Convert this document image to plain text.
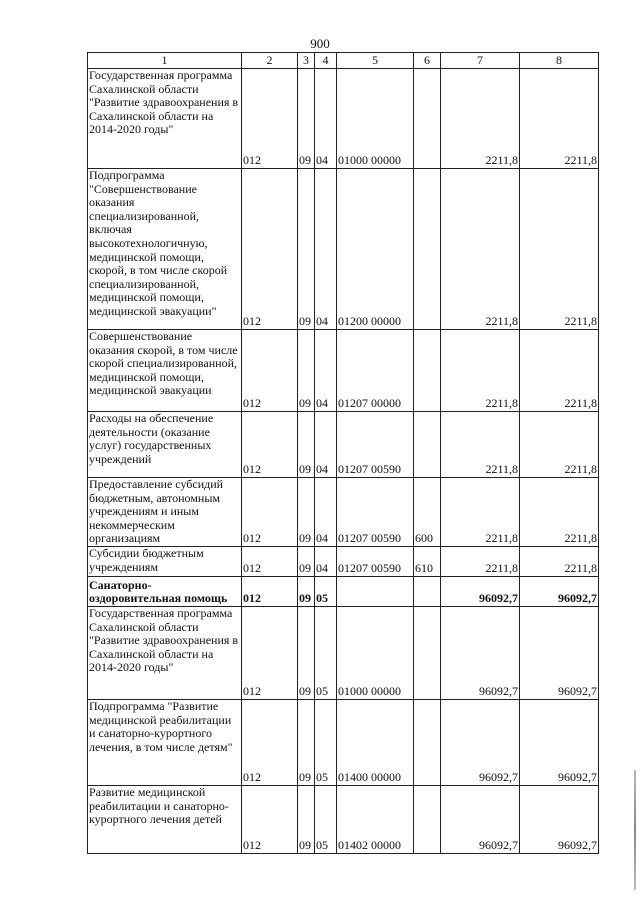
900
1	2	3	4	5	6	7	8
Государственная программа Сахалинской области "Развитие здравоохранения в Сахалинской области на 2014-2020 годы"	012	09	04	01000 00000		2211,8	2211,8
Подпрограмма "Совершенствование оказания специализированной, включая высокотехнологичную, медицинской помощи, скорой, в том числе скорой специализированной, медицинской помощи, медицинской эвакуации"	012	09	04	01200 00000		2211,8	2211,8
Совершенствование оказания скорой, в том числе скорой специализированной, медицинской помощи, медицинской эвакуации	012	09	04	01207 00000		2211,8	2211,8
Расходы на обеспечение деятельности (оказание услуг) государственных учреждений	012	09	04	01207 00590		2211,8	2211,8
Предоставление субсидий бюджетным, автономным учреждениям и иным некоммерческим организациям	012	09	04	01207 00590	600	2211,8	2211,8
Субсидии бюджетным учреждениям	012	09	04	01207 00590	610	2211,8	2211,8
Санаторно-оздоровительная помощь	012	09	05			96092,7	96092,7
Государственная программа Сахалинской области "Развитие здравоохранения в Сахалинской области на 2014-2020 годы"	012	09	05	01000 00000		96092,7	96092,7
Подпрограмма "Развитие медицинской реабилитации и санаторно-курортного лечения, в том числе детям"	012	09	05	01400 00000		96092,7	96092,7
Развитие медицинской реабилитации и санаторно-курортного лечения детей	012	09	05	01402 00000		96092,7	96092,7
